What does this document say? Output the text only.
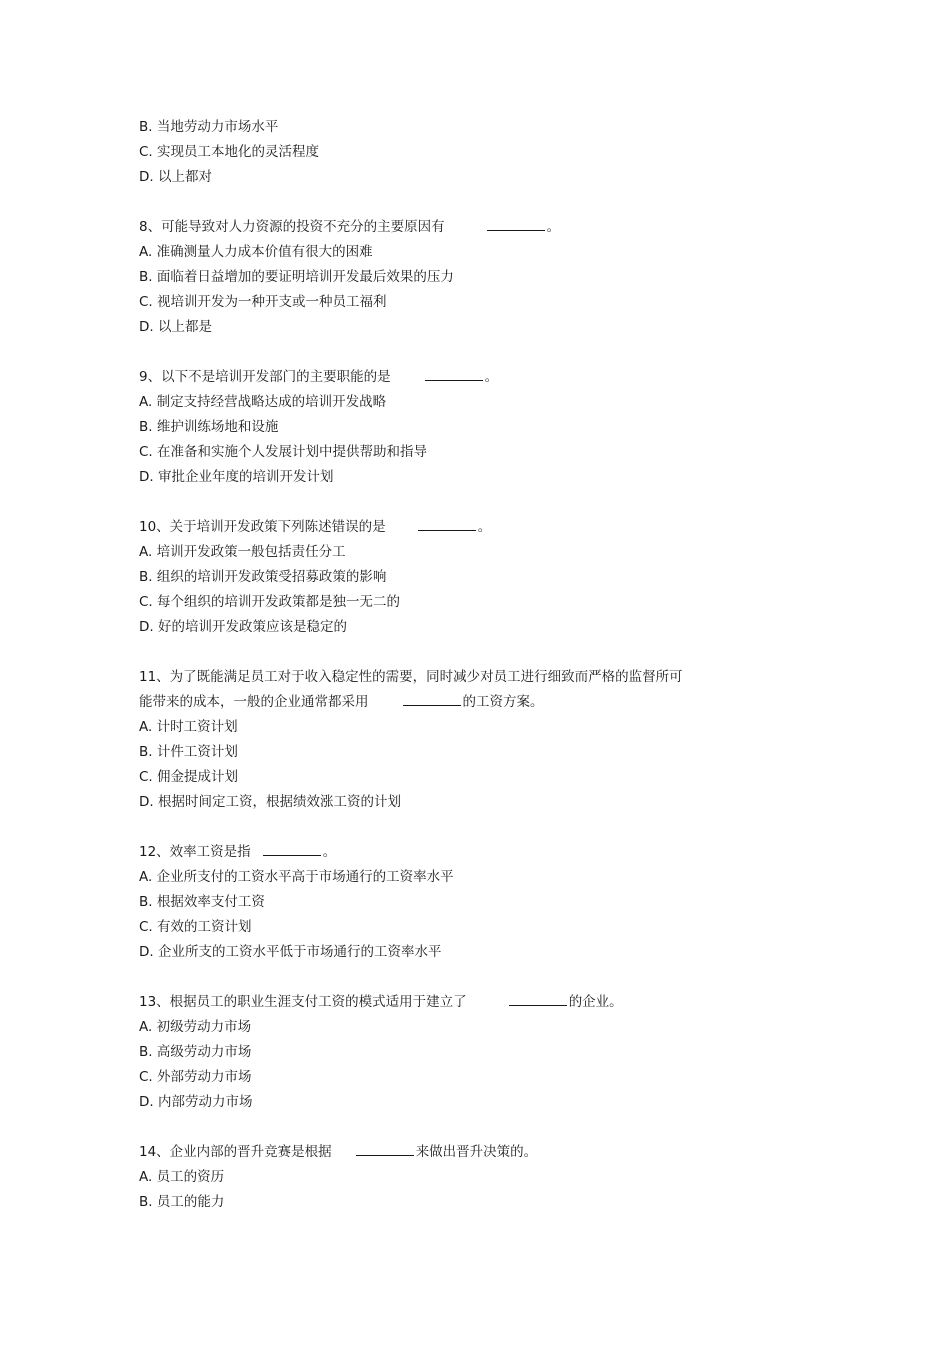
B. 当地劳动力市场水平
C. 实现员工本地化的灵活程度
D. 以上都对
8、可能导致对人力资源的投资不充分的主要原因有	。
A. 准确测量人力成本价值有很大的困难
B. 面临着日益增加的要证明培训开发最后效果的压力
C. 视培训开发为一种开支或一种员工福利
D. 以上都是
9、以下不是培训开发部门的主要职能的是	。
A. 制定支持经营战略达成的培训开发战略
B. 维护训练场地和设施
C. 在准备和实施个人发展计划中提供帮助和指导
D. 审批企业年度的培训开发计划
10、关于培训开发政策下列陈述错误的是	。
A. 培训开发政策一般包括责任分工
B. 组织的培训开发政策受招募政策的影响
C. 每个组织的培训开发政策都是独一无二的
D. 好的培训开发政策应该是稳定的
11、为了既能满足员工对于收入稳定性的需要，同时减少对员工进行细致而严格的监督所可
能带来的成本，一般的企业通常都采用	的工资方案。
A. 计时工资计划
B. 计件工资计划
C. 佣金提成计划
D. 根据时间定工资，根据绩效涨工资的计划
12、效率工资是指	。
A. 企业所支付的工资水平高于市场通行的工资率水平
B. 根据效率支付工资
C. 有效的工资计划
D. 企业所支的工资水平低于市场通行的工资率水平
13、根据员工的职业生涯支付工资的模式适用于建立了	的企业。
A. 初级劳动力市场
B. 高级劳动力市场
C. 外部劳动力市场
D. 内部劳动力市场
14、企业内部的晋升竞赛是根据	来做出晋升决策的。
A. 员工的资历
B. 员工的能力
